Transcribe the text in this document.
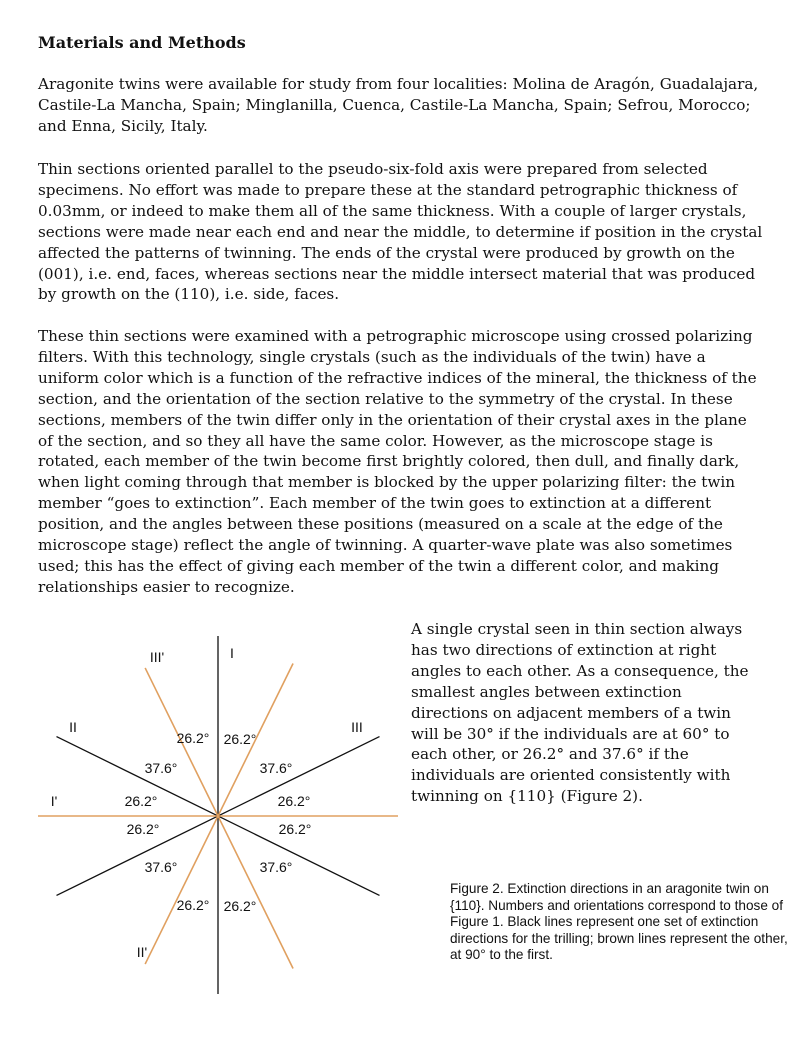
Materials and Methods

Aragonite twins were available for study from four localities: Molina de Aragón, Guadalajara, Castile-La Mancha, Spain; Minglanilla, Cuenca, Castile-La Mancha, Spain; Sefrou, Morocco; and Enna, Sicily, Italy.

Thin sections oriented parallel to the pseudo-six-fold axis were prepared from selected specimens. No effort was made to prepare these at the standard petrographic thickness of 0.03mm, or indeed to make them all of the same thickness. With a couple of larger crystals, sections were made near each end and near the middle, to determine if position in the crystal affected the patterns of twinning. The ends of the crystal were produced by growth on the (001), i.e. end, faces, whereas sections near the middle intersect material that was produced by growth on the (110), i.e. side, faces.

These thin sections were examined with a petrographic microscope using crossed polarizing filters. With this technology, single crystals (such as the individuals of the twin) have a uniform color which is a function of the refractive indices of the mineral, the thickness of the section, and the orientation of the section relative to the symmetry of the crystal. In these sections, members of the twin differ only in the orientation of their crystal axes in the plane of the section, and so they all have the same color. However, as the microscope stage is rotated, each member of the twin become first brightly colored, then dull, and finally dark, when light coming through that member is blocked by the upper polarizing filter: the twin member “goes to extinction”. Each member of the twin goes to extinction at a different position, and the angles between these positions (measured on a scale at the edge of the microscope stage) reflect the angle of twinning. A quarter-wave plate was also sometimes used; this has the effect of giving each member of the twin a different color, and making relationships easier to recognize.

I
II	III
I'
II'
III'
26.2° 26.2°
37.6°	37.6°
26.2°	26.2°
26.2°	26.2°
37.6°	37.6°
26.2° 26.2°

A single crystal seen in thin section always has two directions of extinction at right angles to each other. As a consequence, the smallest angles between extinction directions on adjacent members of a twin will be 30° if the individuals are at 60° to each other, or 26.2° and 37.6° if the individuals are oriented consistently with twinning on {110} (Figure 2).

Figure 2. Extinction directions in an aragonite twin on {110}. Numbers and orientations correspond to those of Figure 1. Black lines represent one set of extinction directions for the trilling; brown lines represent the other, at 90° to the first.
